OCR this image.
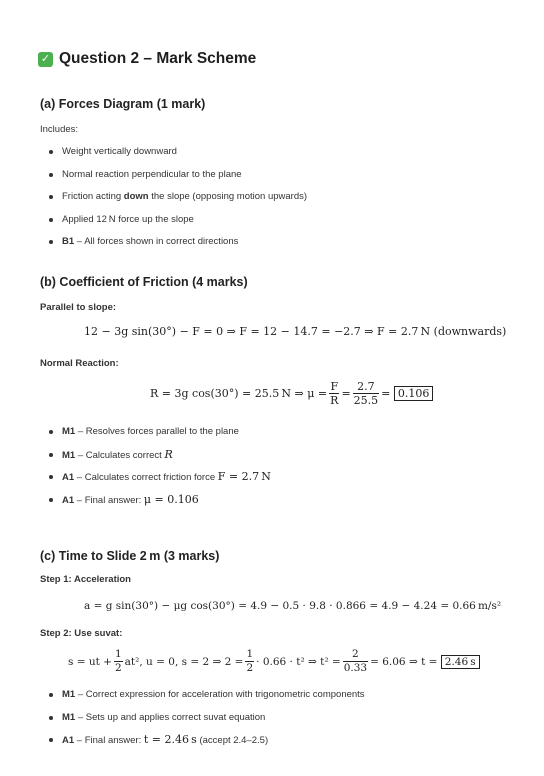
✓ Question 2 – Mark Scheme
(a) Forces Diagram (1 mark)
Includes:
Weight vertically downward
Normal reaction perpendicular to the plane
Friction acting down the slope (opposing motion upwards)
Applied 12 N force up the slope
B1 – All forces shown in correct directions
(b) Coefficient of Friction (4 marks)
Parallel to slope:
12 − 3g sin(30°) − F = 0 ⇒ F = 12 − 14.7 = −2.7 ⇒ F = 2.7 N (downwards)
Normal Reaction:
R = 3g cos(30°) = 25.5 N ⇒ $\mu = \frac{F}{R} = \frac{2.7}{25.5} = 0.106$
M1 – Resolves forces parallel to the plane
M1 – Calculates correct R
A1 – Calculates correct friction force F = 2.7 N
A1 – Final answer: μ = 0.106
(c) Time to Slide 2 m (3 marks)
Step 1: Acceleration
a = g sin(30°) − μg cos(30°) = 4.9 − 0.5 · 9.8 · 0.866 = 4.9 − 4.24 = 0.66 m/s²
Step 2: Use suvat:
s = ut + $\frac{1}{2} at^2$, u = 0, s = 2 ⇒ $2 = \frac{1}{2} \cdot 0.66 \cdot t^2$ ⇒ $t^2 = \frac{2}{0.33} = 6.06$ ⇒ t =
2.46 s
M1 – Correct expression for acceleration with trigonometric components
M1 – Sets up and applies correct suvat equation
A1 – Final answer: t = 2.46 s (accept 2.4–2.5)
